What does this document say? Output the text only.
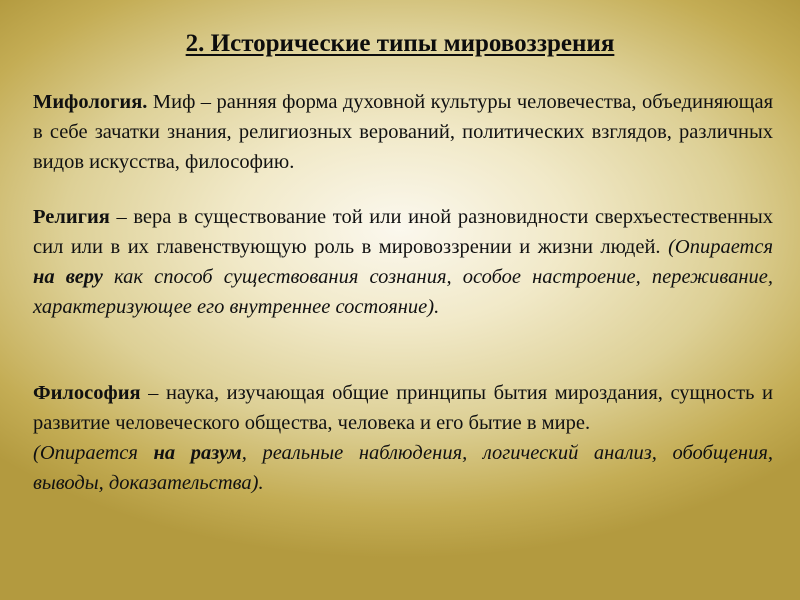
2. Исторические типы мировоззрения
Мифология. Миф – ранняя форма духовной культуры человечества, объединяющая в себе зачатки знания, религиозных верований, политических взглядов, различных видов искусства, философию.
Религия – вера в существование той или иной разновидности сверхъестественных сил или в их главенствующую роль в мировоззрении и жизни людей. (Опирается на веру как способ существования сознания, особое настроение, переживание, характеризующее его внутреннее состояние).
Философия – наука, изучающая общие принципы бытия мироздания, сущность и развитие человеческого общества, человека и его бытие в мире.
(Опирается на разум, реальные наблюдения, логический анализ, обобщения, выводы, доказательства).
